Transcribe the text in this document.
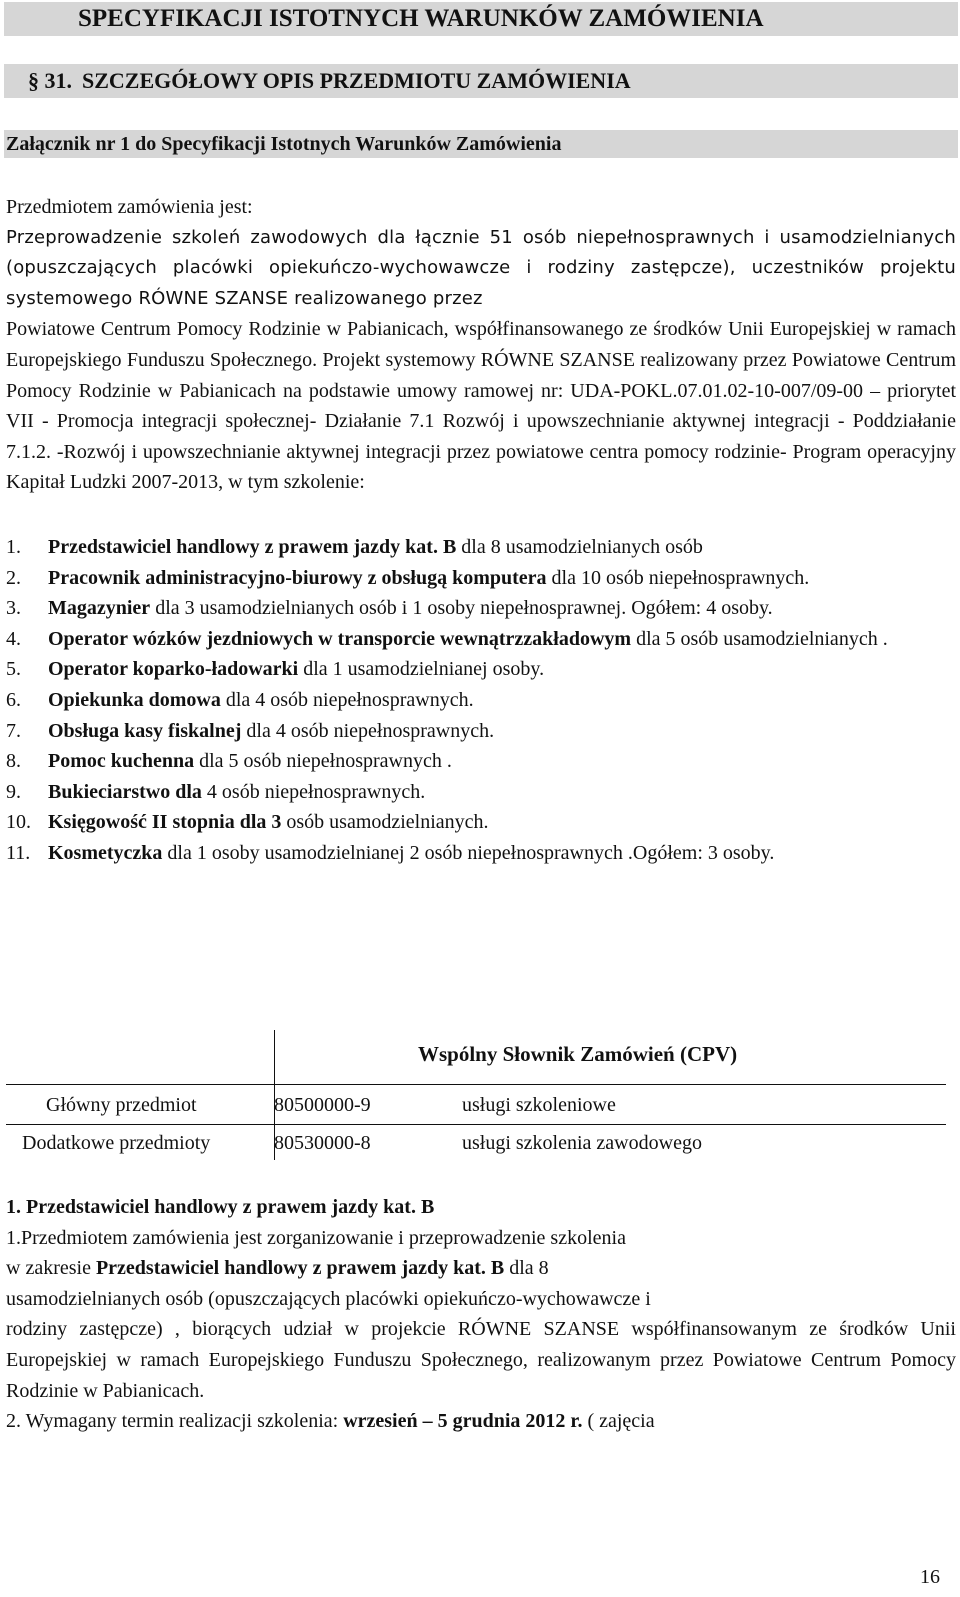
SPECYFIKACJI ISTOTNYCH WARUNKÓW ZAMÓWIENIA
§ 31. SZCZEGÓŁOWY OPIS PRZEDMIOTU ZAMÓWIENIA
Załącznik nr 1 do Specyfikacji Istotnych Warunków Zamówienia

Przedmiotem zamówienia jest:

Przeprowadzenie szkoleń zawodowych dla łącznie 51 osób niepełnosprawnych i usamodzielnianych (opuszczających placówki opiekuńczo-wychowawcze i rodziny zastępcze), uczestników projektu systemowego RÓWNE SZANSE realizowanego przez

Powiatowe Centrum Pomocy Rodzinie w Pabianicach, współfinansowanego ze środków Unii Europejskiej w ramach Europejskiego Funduszu Społecznego. Projekt systemowy RÓWNE SZANSE realizowany przez Powiatowe Centrum Pomocy Rodzinie w Pabianicach na podstawie umowy ramowej nr: UDA-POKL.07.01.02-10-007/09-00 – priorytet VII - Promocja integracji społecznej- Działanie 7.1 Rozwój i upowszechnianie aktywnej integracji - Poddziałanie 7.1.2. -Rozwój i upowszechnianie aktywnej integracji przez powiatowe centra pomocy rodzinie- Program operacyjny Kapitał Ludzki 2007-2013, w tym szkolenie:

1.	Przedstawiciel handlowy z prawem jazdy kat. B dla 8 usamodzielnianych osób
2.	Pracownik administracyjno-biurowy z obsługą komputera dla 10 osób niepełnosprawnych.
3.	Magazynier dla 3 usamodzielnianych osób i 1 osoby niepełnosprawnej. Ogółem: 4 osoby.
4.	Operator wózków jezdniowych w transporcie wewnątrzzakładowym dla 5 osób usamodzielnianych .
5.	Operator koparko-ładowarki dla 1 usamodzielnianej osoby.
6.	Opiekunka domowa dla 4 osób niepełnosprawnych.
7.	Obsługa kasy fiskalnej dla 4 osób niepełnosprawnych.
8.	Pomoc kuchenna dla 5 osób niepełnosprawnych .
9.	Bukieciarstwo dla 4 osób niepełnosprawnych.
10. Księgowość II stopnia dla 3 osób usamodzielnianych.
11. Kosmetyczka dla 1 osoby usamodzielnianej 2 osób niepełnosprawnych .Ogółem: 3 osoby.
Wspólny Słownik Zamówień (CPV)
Główny przedmiot	80500000-9	usługi szkoleniowe
Dodatkowe przedmioty	80530000-8	usługi szkolenia zawodowego

1. Przedstawiciel handlowy z prawem jazdy kat. B

1.Przedmiotem zamówienia jest zorganizowanie i przeprowadzenie szkolenia

w zakresie Przedstawiciel handlowy z prawem jazdy kat. B dla 8

usamodzielnianych osób (opuszczających placówki opiekuńczo-wychowawcze i

rodziny zastępcze) , biorących udział w projekcie RÓWNE SZANSE współfinansowanym ze środków Unii Europejskiej w ramach Europejskiego Funduszu Społecznego, realizowanym przez Powiatowe Centrum Pomocy Rodzinie w Pabianicach.

2. Wymagany termin realizacji szkolenia: wrzesień – 5 grudnia 2012 r. ( zajęcia

16
